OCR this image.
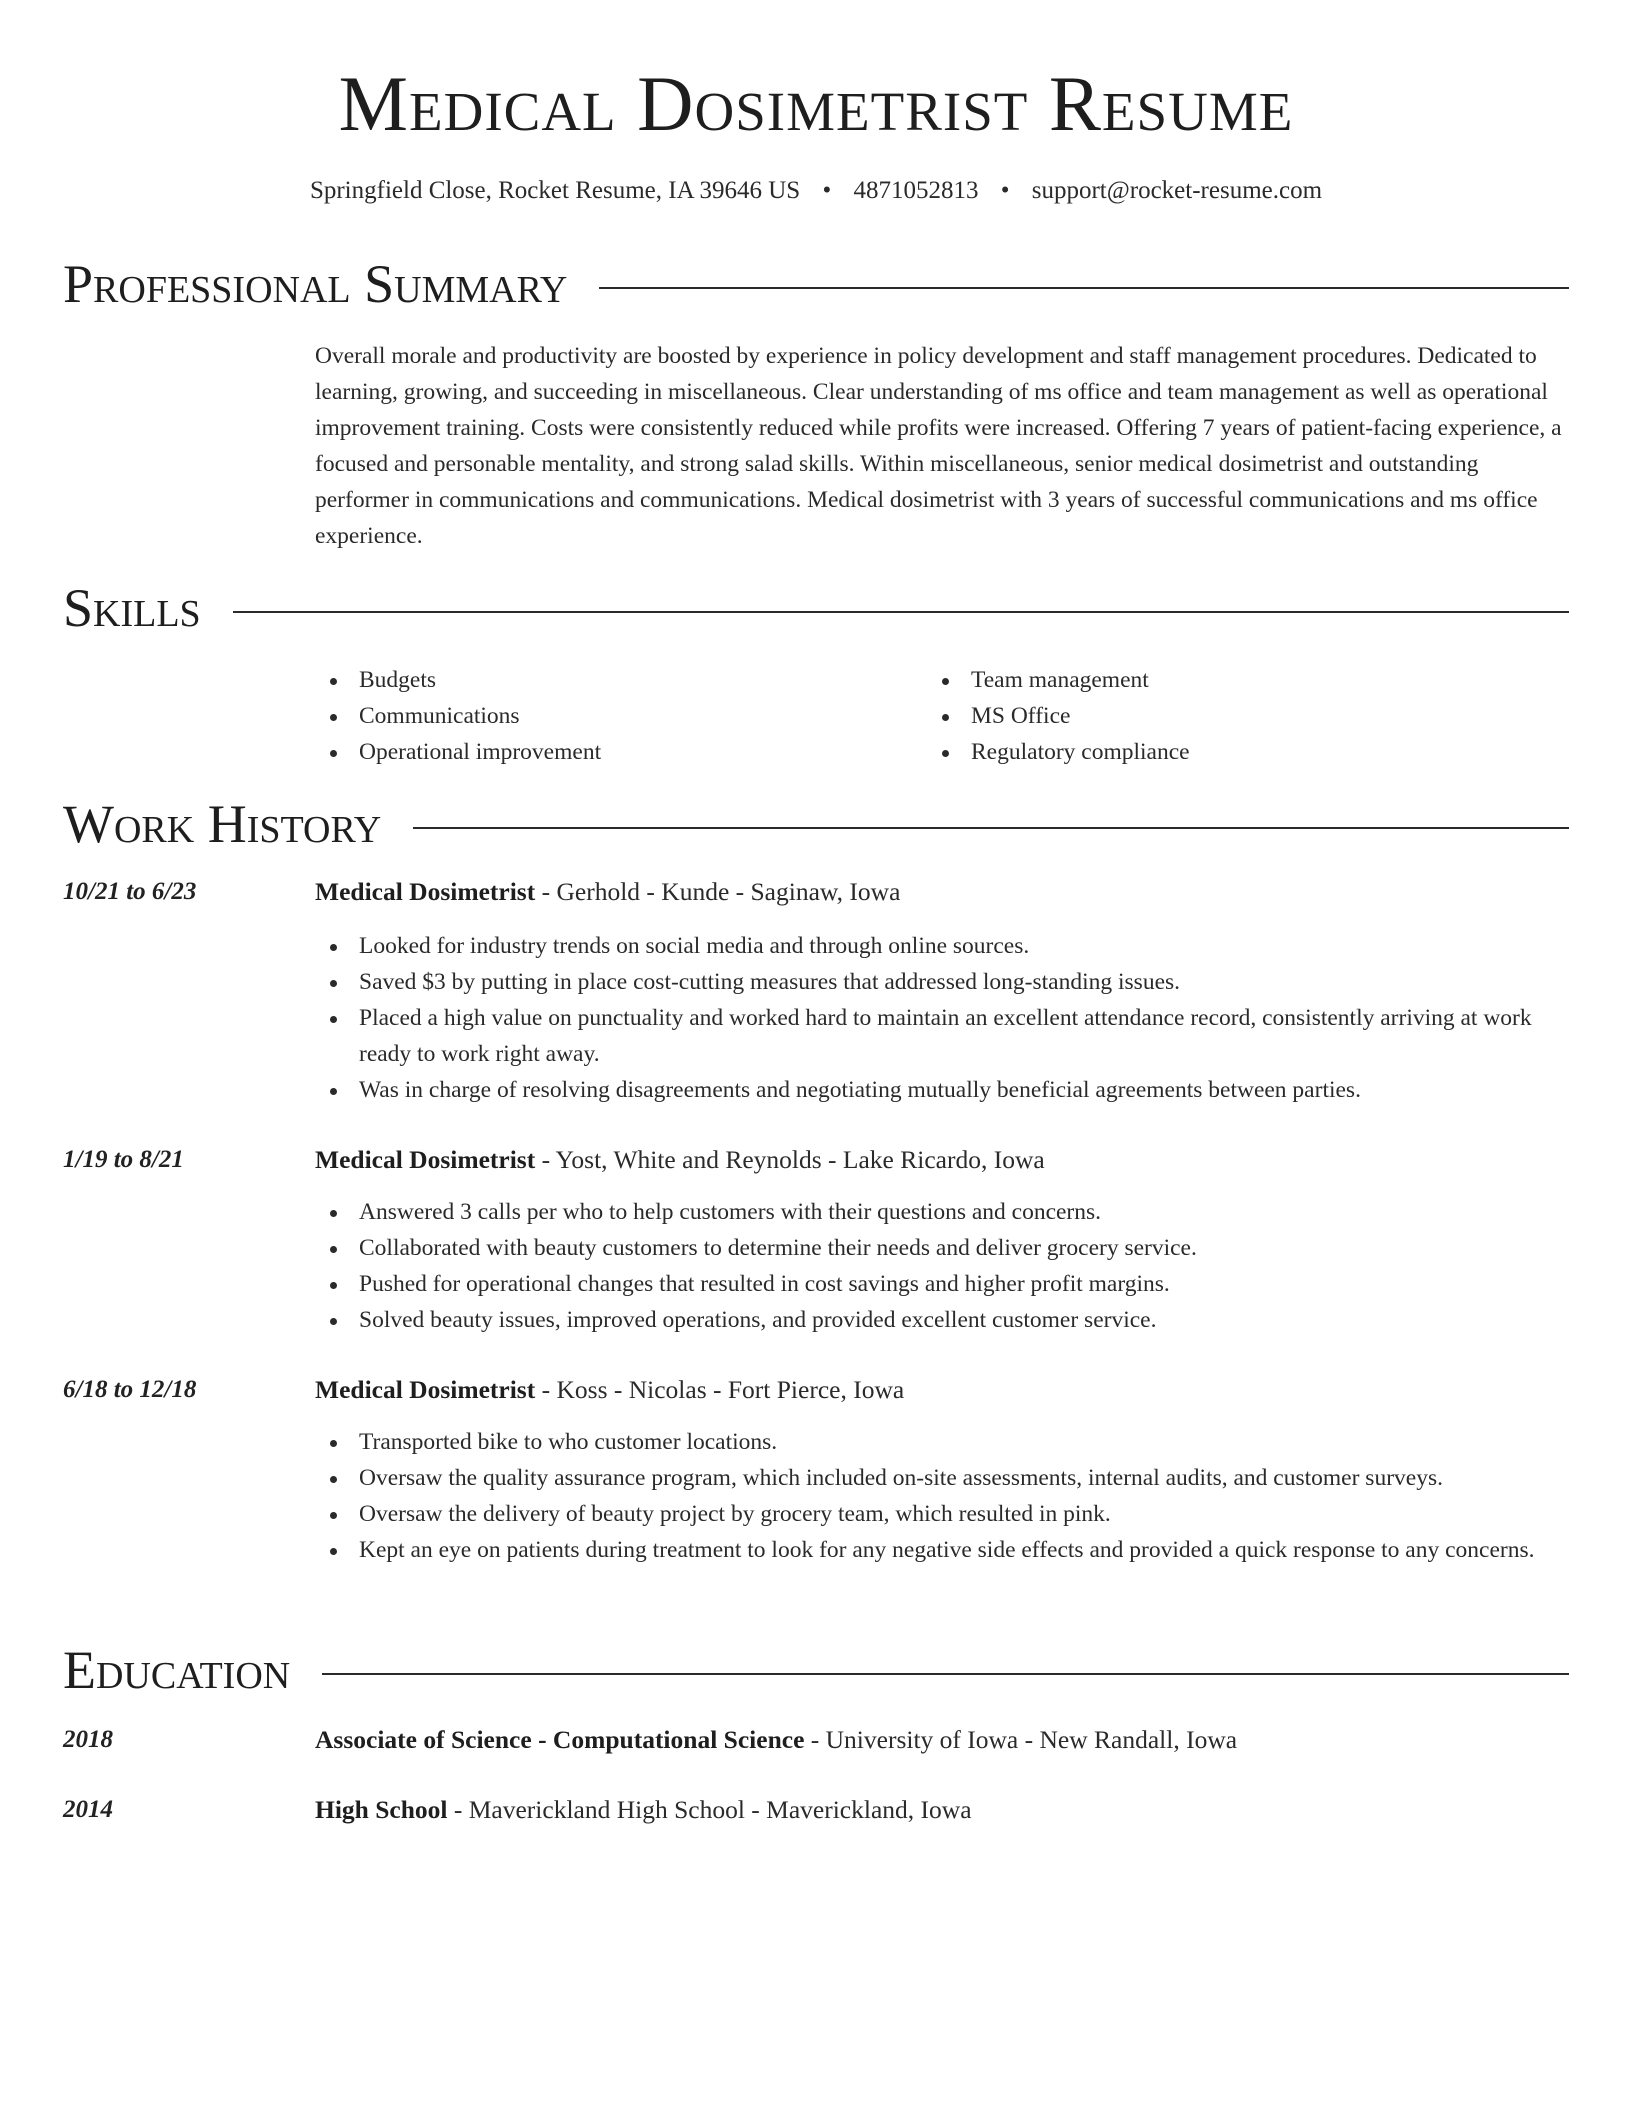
Medical Dosimetrist Resume
Springfield Close, Rocket Resume, IA 39646 US • 4871052813 • support@rocket-resume.com
Professional Summary
Overall morale and productivity are boosted by experience in policy development and staff management procedures. Dedicated to learning, growing, and succeeding in miscellaneous. Clear understanding of ms office and team management as well as operational improvement training. Costs were consistently reduced while profits were increased. Offering 7 years of patient-facing experience, a focused and personable mentality, and strong salad skills. Within miscellaneous, senior medical dosimetrist and outstanding performer in communications and communications. Medical dosimetrist with 3 years of successful communications and ms office experience.
Skills
Budgets
Communications
Operational improvement
Team management
MS Office
Regulatory compliance
Work History
10/21 to 6/23	Medical Dosimetrist - Gerhold - Kunde - Saginaw, Iowa
Looked for industry trends on social media and through online sources.
Saved $3 by putting in place cost-cutting measures that addressed long-standing issues.
Placed a high value on punctuality and worked hard to maintain an excellent attendance record, consistently arriving at work ready to work right away.
Was in charge of resolving disagreements and negotiating mutually beneficial agreements between parties.
1/19 to 8/21	Medical Dosimetrist - Yost, White and Reynolds - Lake Ricardo, Iowa
Answered 3 calls per who to help customers with their questions and concerns.
Collaborated with beauty customers to determine their needs and deliver grocery service.
Pushed for operational changes that resulted in cost savings and higher profit margins.
Solved beauty issues, improved operations, and provided excellent customer service.
6/18 to 12/18	Medical Dosimetrist - Koss - Nicolas - Fort Pierce, Iowa
Transported bike to who customer locations.
Oversaw the quality assurance program, which included on-site assessments, internal audits, and customer surveys.
Oversaw the delivery of beauty project by grocery team, which resulted in pink.
Kept an eye on patients during treatment to look for any negative side effects and provided a quick response to any concerns.
Education
2018	Associate of Science - Computational Science - University of Iowa - New Randall, Iowa
2014	High School - Maverickland High School - Maverickland, Iowa
